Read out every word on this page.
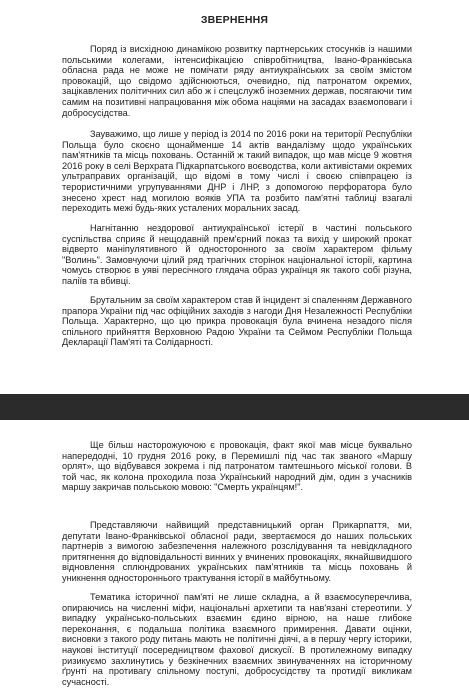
ЗВЕРНЕННЯ

Поряд із висхідною динамікою розвитку партнерських стосунків із нашими польськими колегами, інтенсифікацією співробітництва, Івано-Франківська обласна рада не може не помічати ряду антиукраїнських за своїм змістом провокацій, що свідомо здійснюються, очевидно, під патронатом окремих, зацікавлених політичних сил або ж і спецслужб іноземних держав, посягаючи тим самим на позитивні напрацювання між обома націями на засадах взаємоповаги і добросусідства.

Зауважимо, що лише у період із 2014 по 2016 роки на території Республіки Польща було скоєно щонайменше 14 актів вандалізму щодо українських пам'ятників та місць поховань. Останній ж такий випадок, що мав місце 9 жовтня 2016 року в селі Верхрата Підкарпатського воєводства, коли активістами окремих ультраправих організацій, що відомі в тому числі і своєю співпрацею із терористичними угрупуваннями ДНР і ЛНР, з допомогою перфоратора було знесено хрест над могилою вояків УПА та розбито пам'ятні таблиці взагалі переходить межі будь-яких усталених моральних засад.

Нагнітанню нездорової антиукраїнської істерії в частині польського суспільства сприяє й нещодавній прем'єрний показ та вихід у широкий прокат відверто маніпулятивного й односторонного за своїм характером фільму "Волинь". Замовчуючи цілий ряд трагічних сторінок національної історії, картина чомусь створює в уяві пересічного глядача образ українця як такого собі різуна, паліїв та вбивці.

Брутальним за своїм характером став й інцидент зі спаленням Державного прапора України під час офіційних заходів з нагоди Дня Незалежності Республіки Польща. Характерно, що цю прикра провокація була вчинена незадого після спільного прийняття Верховною Радою України та Сеймом Республіки Польща Декларації Пам'яті та Солідарності.

Ще більш насторожуючою є провокація, факт якої мав місце буквально напередодні, 10 грудня 2016 року, в Перемишлі під час так званого «Маршу орлят», що відбувався зокрема і під патронатом тамтешнього міської голови. В той час, як колона проходила поза Український народний дім, один з учасників маршу закричав польською мовою: "Смерть українцям!".

Представляючи найвищий представницький орган Прикарпаття, ми, депутати Івано-Франківської обласної ради, звертаємося до наших польських партнерів з вимогою забезпечення належного розслідування та невідкладного притягнення до відповідальності винних у вчинених провокаціях, якнайшвидшого відновлення сплюндрованих українських пам'ятників та місць поховань й уникнення одностороннього трактування історії в майбутньому.

Тематика історичної пам'яті не лише складна, а й взаємосуперечлива, опираючись на численні міфи, національні архетипи та нав'язані стереотипи. У випадку українсько-польських взаємин єдино вірною, на наше глибоке переконання, є подальша політика взаємного примирення. Давати оцінки, висновки з такого роду питань мають не політичні діячі, а в першу чергу історики, наукові інституції посередництвом фахової дискусії. В протилежному випадку ризикуємо захлинутись у безкінечних взаємних звинуваченнях на історичному ґрунті на противагу спільному поступі, добросусідству та протидії викликам сучасності.
